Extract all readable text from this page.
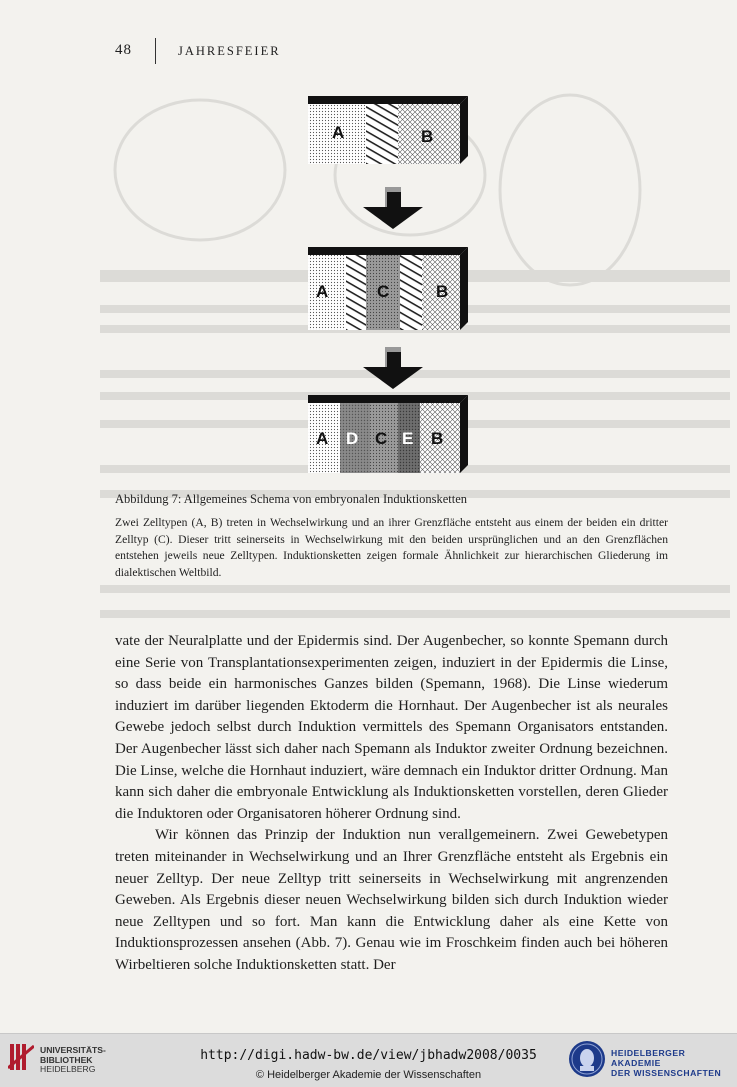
48	JAHRESFEIER
A	B
A	C	B
A D C E B
Abbildung 7: Allgemeines Schema von embryonalen Induktionsketten
Zwei Zelltypen (A, B) treten in Wechselwirkung und an ihrer Grenzfläche entsteht aus einem der beiden ein dritter Zelltyp (C). Dieser tritt seinerseits in Wechselwirkung mit den beiden ursprünglichen und an den Grenzflächen entstehen jeweils neue Zelltypen. Induktionsketten zeigen formale Ähnlichkeit zur hierarchischen Gliederung im dialektischen Weltbild.

vate der Neuralplatte und der Epidermis sind. Der Augenbecher, so konnte Spemann durch eine Serie von Transplantationsexperimenten zeigen, induziert in der Epidermis die Linse, so dass beide ein harmonisches Ganzes bilden (Spemann, 1968). Die Linse wiederum induziert im darüber liegenden Ektoderm die Hornhaut. Der Augenbecher ist als neurales Gewebe jedoch selbst durch Induktion vermittels des Spemann Organisators entstanden. Der Augenbecher lässt sich daher nach Spemann als Induktor zweiter Ordnung bezeichnen. Die Linse, welche die Hornhaut induziert, wäre demnach ein Induktor dritter Ordnung. Man kann sich daher die embryonale Entwicklung als Induktionsketten vorstellen, deren Glieder die Induktoren oder Organisatoren höherer Ordnung sind.

Wir können das Prinzip der Induktion nun verallgemeinern. Zwei Gewebetypen treten miteinander in Wechselwirkung und an Ihrer Grenzfläche entsteht als Ergebnis ein neuer Zelltyp. Der neue Zelltyp tritt seinerseits in Wechselwirkung mit angrenzenden Geweben. Als Ergebnis dieser neuen Wechselwirkung bilden sich durch Induktion wieder neue Zelltypen und so fort. Man kann die Entwicklung daher als eine Kette von Induktionsprozessen ansehen (Abb. 7). Genau wie im Froschkeim finden auch bei höheren Wirbeltieren solche Induktionsketten statt. Der

UNIVERSITÄTS-
BIBLIOTHEK
HEIDELBERG
http://digi.hadw-bw.de/view/jbhadw2008/0035
© Heidelberger Akademie der Wissenschaften
HEIDELBERGER AKADEMIE
DER WISSENSCHAFTEN
